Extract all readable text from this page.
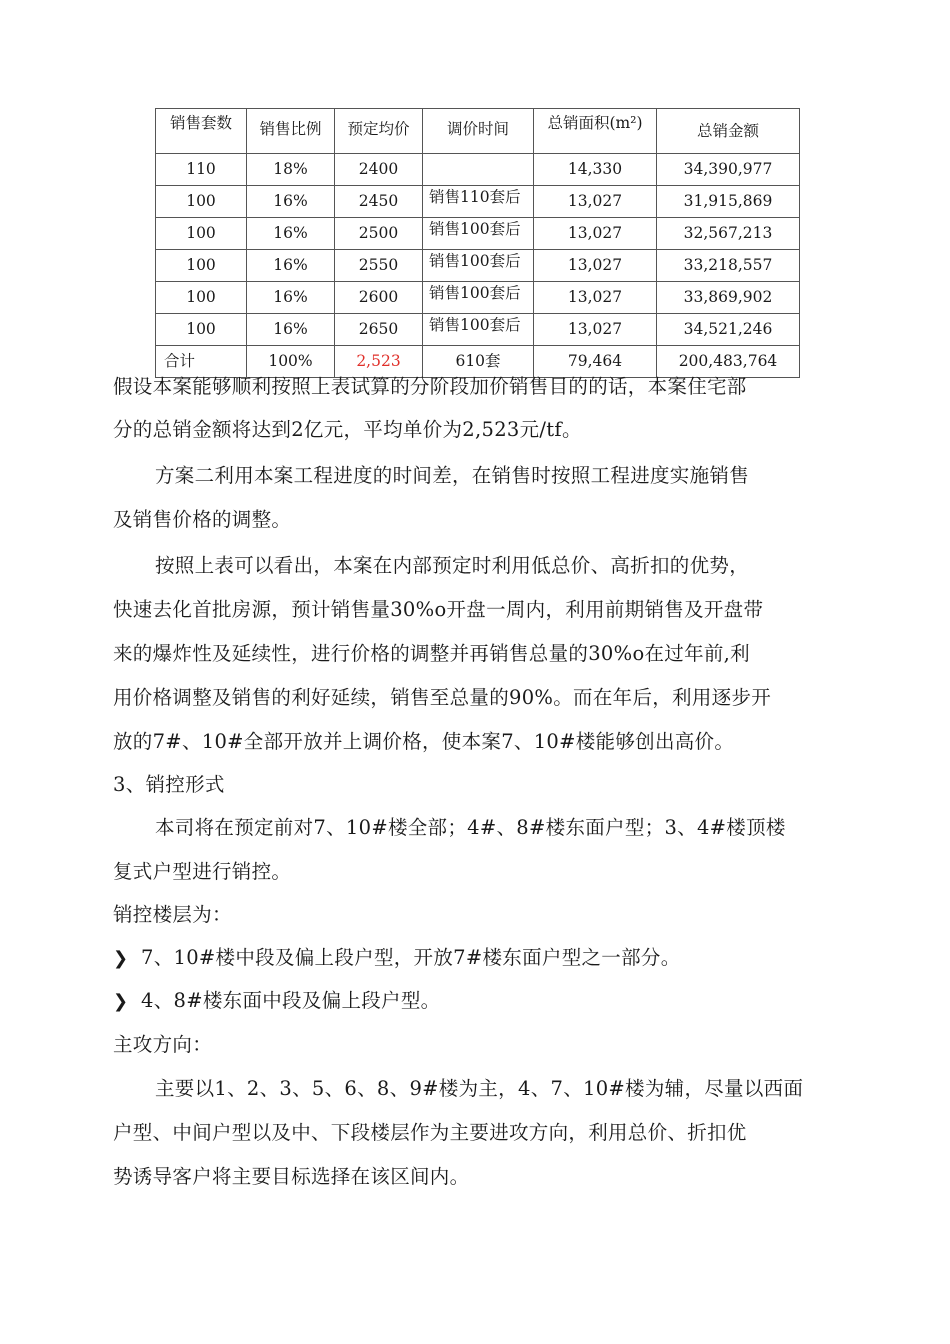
销售套数	销售比例	预定均价	调价时间	总销面积(m²)	总销金额
110	18%	2400		14,330	34,390,977
100	16%	2450	销售110套后	13,027	31,915,869
100	16%	2500	销售100套后	13,027	32,567,213
100	16%	2550	销售100套后	13,027	33,218,557
100	16%	2600	销售100套后	13,027	33,869,902
100	16%	2650	销售100套后	13,027	34,521,246
合计	100%	2,523	610套	79,464	200,483,764

假设本案能够顺利按照上表试算的分阶段加价销售目的的话，本案住宅部

分的总销金额将达到2亿元，平均单价为2,523元/tf。

方案二利用本案工程进度的时间差，在销售时按照工程进度实施销售

及销售价格的调整。

按照上表可以看出，本案在内部预定时利用低总价、高折扣的优势，

快速去化首批房源，预计销售量30%o开盘一周内，利用前期销售及开盘带

来的爆炸性及延续性，进行价格的调整并再销售总量的30%o在过年前,利

用价格调整及销售的利好延续，销售至总量的90%。而在年后，利用逐步开

放的7#、10#全部开放并上调价格，使本案7、10#楼能够创出高价。

3、销控形式

本司将在预定前对7、10#楼全部；4#、8#楼东面户型；3、4#楼顶楼

复式户型进行销控。

销控楼层为：

❯ 7、10#楼中段及偏上段户型，开放7#楼东面户型之一部分。

❯ 4、8#楼东面中段及偏上段户型。

主攻方向：

主要以1、2、3、5、6、8、9#楼为主，4、7、10#楼为辅，尽量以西面

户型、中间户型以及中、下段楼层作为主要进攻方向，利用总价、折扣优

势诱导客户将主要目标选择在该区间内。
